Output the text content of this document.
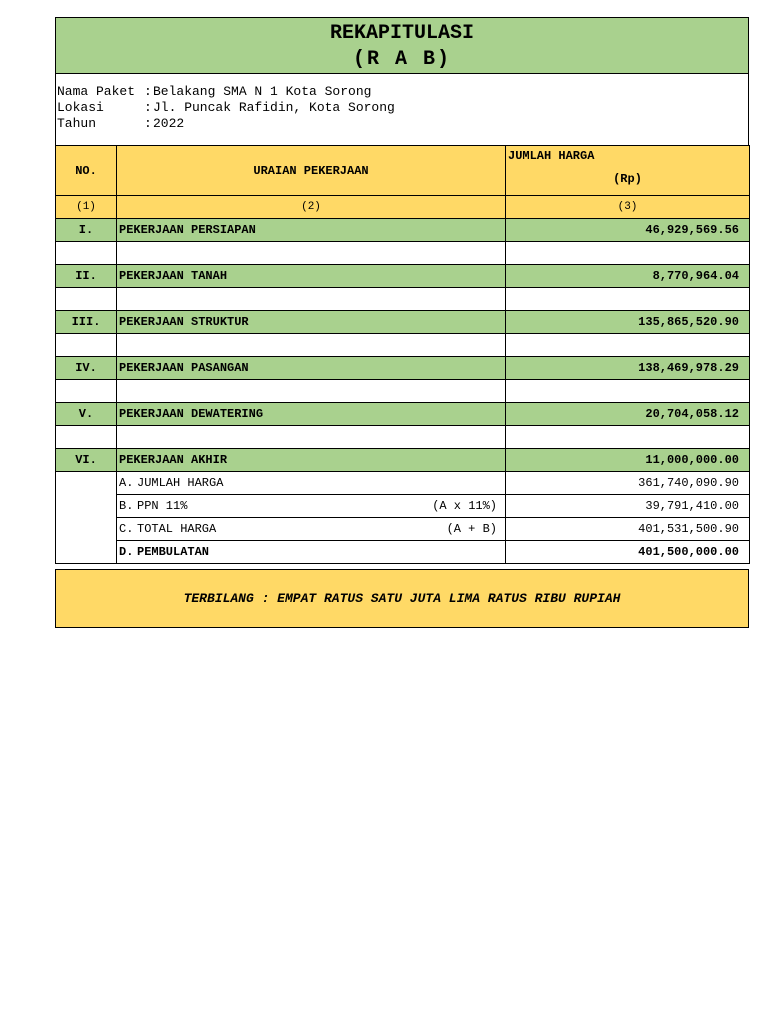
REKAPITULASI
(R A B)
Nama Paket : Belakang SMA N 1 Kota Sorong
Lokasi	: Jl. Puncak Rafidin, Kota Sorong
Tahun	: 2022
NO.	URAIAN PEKERJAAN	JUMLAH HARGA
(Rp)

(1)	(2)	(3)
I.	PEKERJAAN PERSIAPAN	46,929,569.56

II.	PEKERJAAN TANAH	8,770,964.04

III.	PEKERJAAN STRUKTUR	135,865,520.90

IV.	PEKERJAAN PASANGAN	138,469,978.29

V.	PEKERJAAN DEWATERING	20,704,058.12

VI.	PEKERJAAN AKHIR	11,000,000.00

	A. JUMLAH HARGA	361,740,090.90

	B. PPN 11% (A x 11%)	39,791,410.00

	C. TOTAL HARGA (A + B)	401,531,500.90

	D. PEMBULATAN	401,500,000.00
TERBILANG : EMPAT RATUS SATU JUTA LIMA RATUS RIBU RUPIAH
